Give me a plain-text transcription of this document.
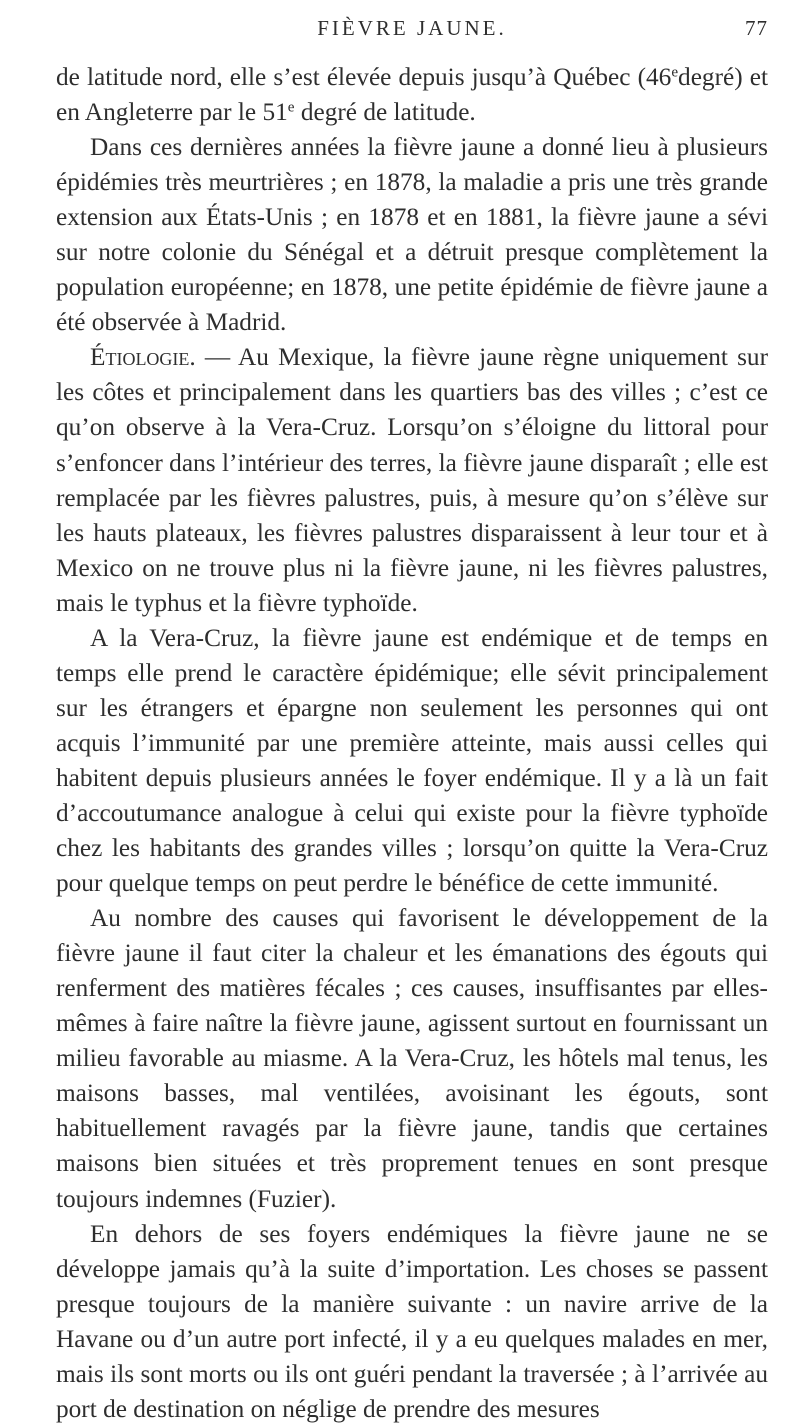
FIÈVRE JAUNE.	77

de latitude nord, elle s’est élevée depuis jusqu’à Québec (46edegré) et en Angleterre par le 51e degré de latitude.

Dans ces dernières années la fièvre jaune a donné lieu à plusieurs épidémies très meurtrières ; en 1878, la maladie a pris une très grande extension aux États-Unis ; en 1878 et en 1881, la fièvre jaune a sévi sur notre colonie du Sénégal et a détruit presque complètement la population européenne; en 1878, une petite épidémie de fièvre jaune a été observée à Madrid.

Étiologie. — Au Mexique, la fièvre jaune règne uniquement sur les côtes et principalement dans les quartiers bas des villes ; c’est ce qu’on observe à la Vera-Cruz. Lorsqu’on s’éloigne du littoral pour s’enfoncer dans l’intérieur des terres, la fièvre jaune disparaît ; elle est remplacée par les fièvres palustres, puis, à mesure qu’on s’élève sur les hauts plateaux, les fièvres palustres disparaissent à leur tour et à Mexico on ne trouve plus ni la fièvre jaune, ni les fièvres palustres, mais le typhus et la fièvre typhoïde.

A la Vera-Cruz, la fièvre jaune est endémique et de temps en temps elle prend le caractère épidémique; elle sévit principalement sur les étrangers et épargne non seulement les personnes qui ont acquis l’immunité par une première atteinte, mais aussi celles qui habitent depuis plusieurs années le foyer endémique. Il y a là un fait d’accoutumance analogue à celui qui existe pour la fièvre typhoïde chez les habitants des grandes villes ; lorsqu’on quitte la Vera-Cruz pour quelque temps on peut perdre le bénéfice de cette immunité.

Au nombre des causes qui favorisent le développement de la fièvre jaune il faut citer la chaleur et les émanations des égouts qui renferment des matières fécales ; ces causes, insuffisantes par elles-mêmes à faire naître la fièvre jaune, agissent surtout en fournissant un milieu favorable au miasme. A la Vera-Cruz, les hôtels mal tenus, les maisons basses, mal ventilées, avoisinant les égouts, sont habituellement ravagés par la fièvre jaune, tandis que certaines maisons bien situées et très proprement tenues en sont presque toujours indemnes (Fuzier).

En dehors de ses foyers endémiques la fièvre jaune ne se développe jamais qu’à la suite d’importation. Les choses se passent presque toujours de la manière suivante : un navire arrive de la Havane ou d’un autre port infecté, il y a eu quelques malades en mer, mais ils sont morts ou ils ont guéri pendant la traversée ; à l’arrivée au port de destination on néglige de prendre des mesures
